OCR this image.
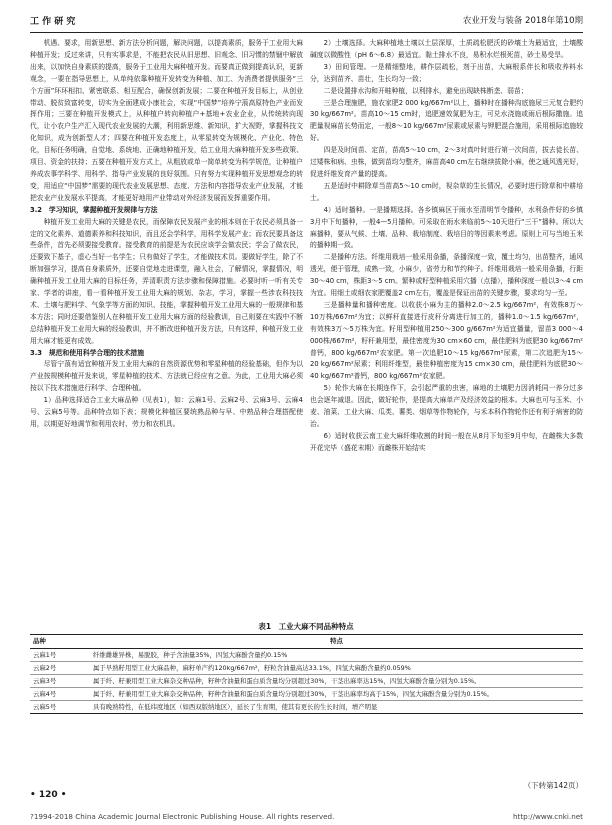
工 作 研 究	农业开发与装备 2018年第10期

机遇、要求，用新思想、新方法分析问题，解决问题，以提高素质，服务于工业用大麻种植开发；反过来讲，只有实事求是，不能把农民从旧思想、旧观念、旧习惯的禁锢中解放出来，以加快自身素质的提高，服务于工业用大麻种植开发。而要真正做到提高认识，更新观念，一要在指导思想上，从单纯依靠种植开发转变为种植、加工、为消费者提供服务“三个方面”环环相扣、紧密联系、相互配合，确保创新发展；二要在种植开发目标上，从创业带动、脱贫致富转变，切实为全面建成小康社会，实现“中国梦”培养宁蒗高原特色产业而发挥作用；三要在种植开发模式上，从种植户转向种植户+基地+农业企业，从传统转向现代，让小农户生产汇入现代农业发展的大潮，利用新思维、新知识，扩大视野，掌握科技文化知识，成为创新型人才；四要在种植开发态度上，从零星转变为规模化、产业化、特色化，目标任务明确，自觉地、系统地、正确地种植开发，给工业用大麻种植开发多些政策、项目、资金的扶持；五要在种植开发方式上，从粗放或单一简单转变为科学规范，让种植户养成农事学科学、用科学、指导产业发展的良好氛围。只有努力实现种植开发思想观念的转变，用适应“中国梦”需要的现代农业发展思想、态度、方法和内容指导农业产业发展，才能把农业产业发展水平提高，才能更好地用产业带动对外经济发展而发挥重要作用。

3.2　学习知识，掌握种植开发规律与方法

种植开发工业用大麻的关键是农民，而保障农民发展产业的根本则在于农民必须具备一定的文化素养、道德素养和科技知识，而且还会学科学，用科学发展产业；而农民要具备这些条件，首先必须要接受教育。接受教育的前提是为农民应该学会做农民；学会了做农民，还要致下基子，虚心当好一名学生；只有做好了学生，才能做技术员。要做好学生，除了不断加强学习，提高自身素质外，还要自觉地走进课堂，融入社会，了解情况，掌握情况，明确种植开发工业用大麻的目标任务，弄清职责方法步骤和保障措施。必要时听一听有关专家、学者的讲座，看一看种植开发工业用大麻的规划、杂志，学习，掌握一些涉农科技技术、土壤与肥料学、气象学等方面的知识、技能，掌握种植开发工业用大麻的一般规律和基本方法；同时还要借鉴别人在种植开发工业用大麻方面的经验教训，自己则要在实践中不断总结种植开发工业用大麻的经验教训，并不断改进种植开发方法，只有这样，种植开发工业用大麻才能更有成效。

3.3　规范和使用科学合理的技术措施

尽管宁蒗有适宜种植开发工业用大麻的自然资源优势和零星种植的经验基础，但作为以产业按规模种植开发来说，零星种植的技术、方法就已经应有之意。为此，工业用大麻必须按以下技术措施进行科学、合理种植。

1）品种选择适合工业大麻品种（见表1），如：云麻1号、云麻2号、云麻3号、云麻4号、云麻5号等。品种特点如下表；规模化种植区要统熟品种与早、中熟品种合理搭配使用，以期更好地调节和利用农时、劳力和农机具。

2）土壤选择。大麻种植地土壤以土层深厚，土质疏松肥沃的砂壤土为最适宜，土壤酸碱度以微酸性（pH 6～6.8）最适宜。黏土排水不良，易积水烂根死苗，砂土易受旱。

3）田间管理。一是精细整地，耕作层疏松，剂于出苗，大麻根系伴长和吸收养料水分，达到苗齐、苗壮，生长均匀一致；

二是设置排水沟和开畦种植，以利排水，避免出现缺株断垄、弱苗；

三是合理施肥，施农家肥2 000 kg/667m²以上，播种时在播种沟底施尿三元复合肥约30 kg/667m²。苗高10～15 cm时，追肥速效氮肥为主，可兑水浇施或雨后根际撒施。追肥量视麻苗长势而定，一般8～10 kg/667m²尿素或尿素与钾肥混合施用，采用根际追施较好。

四是及时间苗、定苗，苗高5～10 cm，2～3对真叶时进行第一次间苗，拔去徒长苗、过矮株和病、虫株，做到苗均匀整齐，麻苗高40 cm左右继续拔除小麻，使之通风透光好，促进纤维发育产量的提高。

五是适时中耕除草当苗高5～10 cm时，视杂草的生长情况，必要时进行除草和中耕培土。

4）适时播种。一是播期选择。各乡镇麻区于雨水至清明节令播种，水利条件好的乡镇3月中下旬播种，一般4—5月播种。可采取在雨水来临前5～10天进行“三干”播种。所以大麻播种，要从气候、土壤、品种、栽培制度、栽培目的等因素来考虑。原则上可与当地玉米的播种期一致。

二是播种方法。纤维用栽培一般采用条播，条播深度一致，覆土均匀，出苗整齐，通风透光，便于管理，成熟一致，小麻少，省劳力和节约种子。纤维用栽培一般采用条播，行距30～40 cm，株距3～5 cm。繁种或籽型种植采用穴播（点播），播种深度一般以3～4 cm为宜。用细土或细农家肥覆盖2 cm左右，覆盖是保证出苗的关键步骤，要求均匀一至。

三是播种量和播种密度。以收获小麻为主的播种2.0～2.5 kg/667m²，有效株8万～10万株/667m²为宜；以鲜秆直接进行皮秆分离进行加工的，播种1.0～1.5 kg/667m²，有效株3万～5万株为宜。籽用型种植用250～300 g/667m²为适宜播量，留苗3 000～4 000株/667m²，籽秆兼用型，最佳密度为30 cm×60 cm，最佳肥料为底肥30 kg/667m²普钙，800 kg/667m²农家肥。第一次追肥10～15 kg/667m²尿素，第二次追肥为15～20 kg/667m²尿素；利用纤维型，最佳种植密度为15 cm×30 cm，最佳肥料为底肥30～40 kg/667m²普钙，800 kg/667m²农家肥。

5）轮作大麻在长期连作下，会引起严重的虫害，麻地的土壤肥力因消耗同一养分过多也会逐年减退。因此，做好轮作，是提高大麻单产及经济效益的根本。大麻也可与玉米、小麦、油菜、工业大麻、瓜类、薯类、烟草等作物轮作，与禾本科作物轮作还有利于病害的防治。

6）适时收获云南工业大麻纤维收割的时间一般在从8月下旬至9月中旬，在雌株大多数开花完毕（盛花末期）而雌株开始结实

表1　工业大麻不同品种特点
品种	特点
云麻1号	纤维雌雄异株，易脱胶，种子含油量35%，四氢大麻酚含量约0.15%
云麻2号	属于早熟籽用型工业大麻品种，麻籽单产约120kg/667m²，籽粒含油量高达33.1%，四氢大麻酚含量约0.059%
云麻3号	属于纤、籽兼用型工业大麻杂交种品种，籽种含油量和蛋白质含量均分别超过30%，干茎出麻率达15%，四氢大麻酚含量分别为0.15%。
云麻4号	属于纤、籽兼用型工业大麻杂交种品种，籽种含油量和蛋白质含量均分别超过30%，干茎出麻率均高于15%，四氢大麻酚含量分别为0.15%。
云麻5号	具有晚熟特性，在低纬度地区（如西双版纳地区），延长了生育期，使其有更长的生长时间，增产明显
（下转第142页）
• 120 •
?1994-2018 China Academic Journal Electronic Publishing House. All rights reserved.	http://www.cnki.net
